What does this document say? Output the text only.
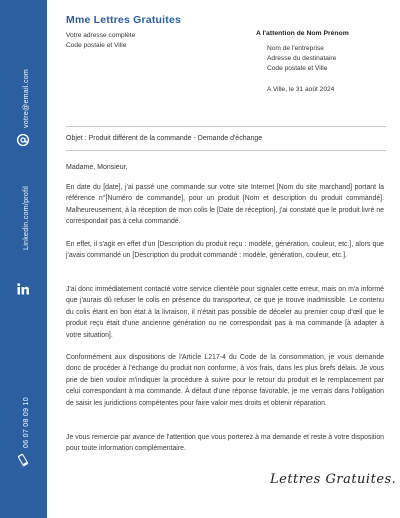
votre@email.com
Linkedin.com/profil
06 07 08 09 10
Mme Lettres Gratuites
Votre adresse complète
Code postale et Ville
A l'attention de Nom Prénom
Nom de l'entreprise
Adresse du destinataire
Code postale et Ville
A Ville, le 31 août 2024
Objet : Produit différent de la commande - Demande d'échange
Madame, Monsieur,
En date du [date], j'ai passé une commande sur votre site Internet [Nom du site marchand] portant la référence n°[Numéro de commande], pour un produit [Nom et description du produit commandé]. Malheureusement, à la réception de mon colis le [Date de réception], j'ai constaté que le produit livré ne correspondait pas à celui commandé.
En effet, il s'agit en effet d'un [Description du produit reçu : modèle, génération, couleur, etc.], alors que j'avais commandé un [Description du produit commandé : modèle, génération, couleur, etc.].
J'ai donc immédiatement contacté votre service clientèle pour signaler cette erreur, mais on m'a informé que j'aurais dû refuser le colis en présence du transporteur, ce que je trouve inadmissible. Le contenu du colis étant en bon état à la livraison, il n'était pas possible de déceler au premier coup d'œil que le produit reçu était d'une ancienne génération ou ne correspondait pas à ma commande [à adapter à votre situation].
Conformément aux dispositions de l'Article L217-4 du Code de la consommation, je vous demande donc de procéder à l'échange du produit non conforme, à vos frais, dans les plus brefs délais. Je vous prie de bien vouloir m'indiquer la procédure à suivre pour le retour du produit et le remplacement par celui correspondant à ma commande. À défaut d'une réponse favorable, je me verrais dans l'obligation de saisir les juridictions compétentes pour faire valoir mes droits et obtenir réparation.
Je vous remercie par avance de l'attention que vous porterez à ma demande et reste à votre disposition pour toute information complémentaire.
Lettres Gratuites.
